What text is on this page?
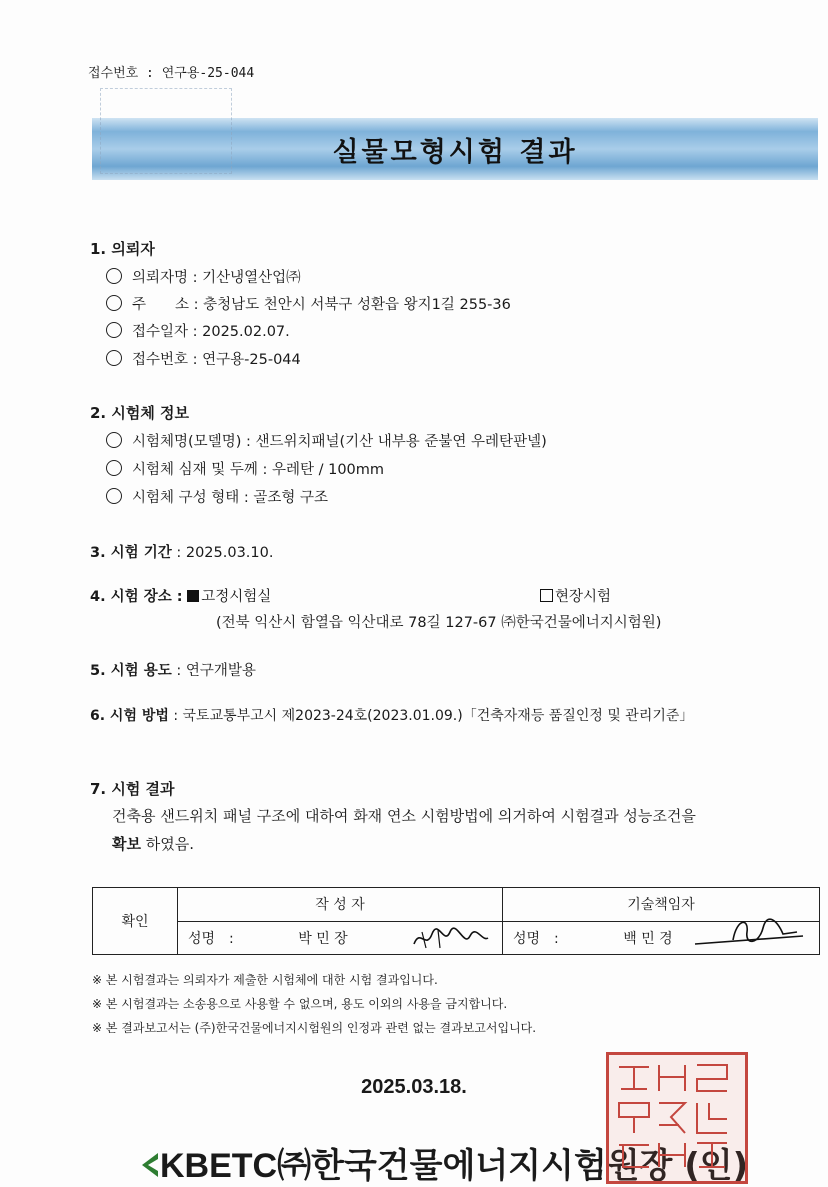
접수번호 : 연구용-25-044
실물모형시험 결과
1. 의뢰자
의뢰자명 : 기산냉열산업㈜
주　　소 : 충청남도 천안시 서북구 성환읍 왕지1길 255-36
접수일자 : 2025.02.07.
접수번호 : 연구용-25-044
2. 시험체 정보
시험체명(모델명) : 샌드위치패널(기산 내부용 준불연 우레탄판넬)
시험체 심재 및 두께 : 우레탄 / 100mm
시험체 구성 형태 : 골조형 구조
3. 시험 기간 : 2025.03.10.
4. 시험 장소 : 고정시험실	현장시험
(전북 익산시 함열읍 익산대로 78길 127-67 ㈜한국건물에너지시험원)
5. 시험 용도 : 연구개발용
6. 시험 방법 : 국토교통부고시 제2023-24호(2023.01.09.)「건축자재등 품질인정 및 관리기준」
7. 시험 결과
건축용 샌드위치 패널 구조에 대하여 화재 연소 시험방법에 의거하여 시험결과 성능조건을
확보 하였음.
확인	작 성 자	기술책임자
	성명　: 박 민 장	성명　: 백 민 경
※ 본 시험결과는 의뢰자가 제출한 시험체에 대한 시험 결과입니다.
※ 본 시험결과는 소송용으로 사용할 수 없으며, 용도 이외의 사용을 금지합니다.
※ 본 결과보고서는 (주)한국건물에너지시험원의 인정과 관련 없는 결과보고서입니다.
2025.03.18.
KBETC㈜한국건물에너지시험원장 (인)
